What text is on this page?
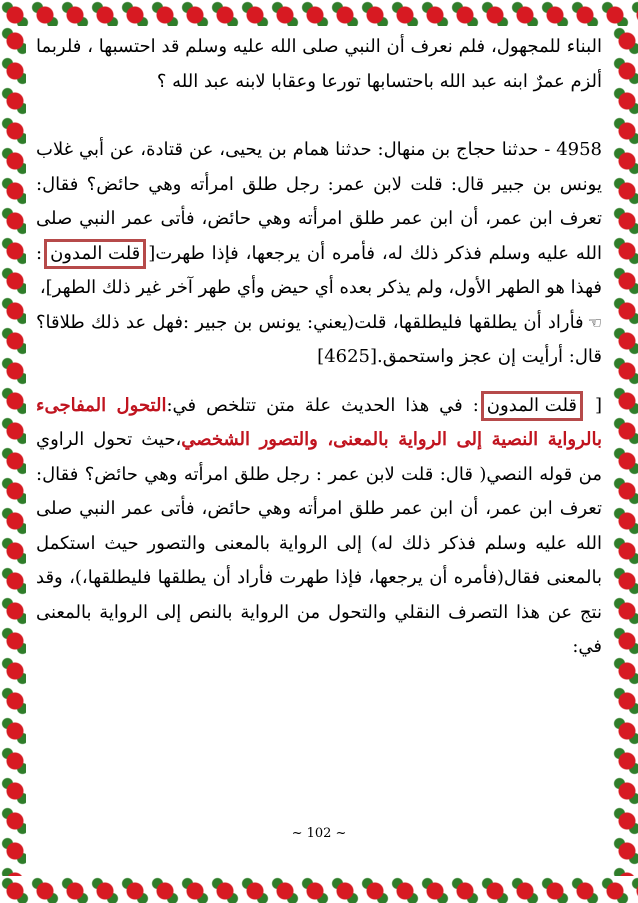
البناء للمجهول، فلم نعرف أن النبي صلى الله عليه وسلم قد احتسبها ، فلربما ألزم عمرٌ ابنه عبد الله باحتسابها تورعا وعقابا لابنه عبد الله ؟

4958 - حدثنا حجاج بن منهال: حدثنا همام بن يحيى، عن قتادة، عن أبي غلاب يونس بن جبير قال: قلت لابن عمر: رجل طلق امرأته وهي حائض؟ فقال: تعرف ابن عمر، أن ابن عمر طلق امرأته وهي حائض، فأتى عمر النبي صلى الله عليه وسلم فذكر ذلك له، فأمره أن يرجعها، فإذا طهرت[قلت المدون: فهذا هو الطهر الأول، ولم يذكر بعده أي حيض وأي طهر آخر غير ذلك الطهر]،

☜فأراد أن يطلقها فليطلقها، قلت(يعني: يونس بن جبير :فهل عد ذلك طلاقا؟ قال: أرأيت إن عجز واستحمق.[4625]

[ قلت المدون: في هذا الحديث علة متن تتلخص في:التحول المفاجىء بالرواية النصية إلى الرواية بالمعنى، والتصور الشخصي،حيث تحول الراوي من قوله النصي( قال: قلت لابن عمر : رجل طلق امرأته وهي حائض؟ فقال: تعرف ابن عمر، أن ابن عمر طلق امرأته وهي حائض، فأتى عمر النبي صلى الله عليه وسلم فذكر ذلك له) إلى الرواية بالمعنى والتصور حيث استكمل بالمعنى فقال(فأمره أن يرجعها، فإذا طهرت فأراد أن يطلقها فليطلقها،)، وقد نتج عن هذا التصرف النقلي والتحول من الرواية بالنص إلى الرواية بالمعنى في:

~ 102 ~
